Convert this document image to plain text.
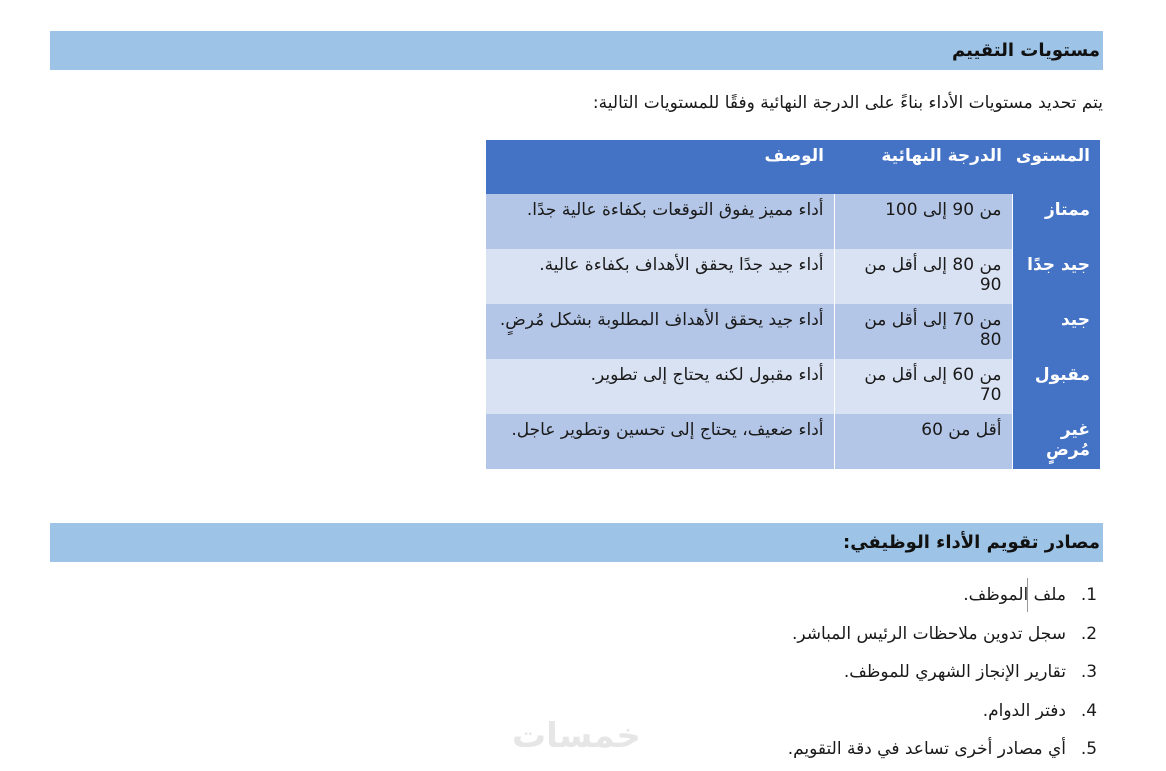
مستويات التقييم
يتم تحديد مستويات الأداء بناءً على الدرجة النهائية وفقًا للمستويات التالية:
المستوى	الدرجة النهائية	الوصف
ممتاز	من 90 إلى 100	أداء مميز يفوق التوقعات بكفاءة عالية جدًا.
جيد جدًا	من 80 إلى أقل من 90	أداء جيد جدًا يحقق الأهداف بكفاءة عالية.
جيد	من 70 إلى أقل من 80	أداء جيد يحقق الأهداف المطلوبة بشكل مُرضٍ.
مقبول	من 60 إلى أقل من 70	أداء مقبول لكنه يحتاج إلى تطوير.
غير مُرضٍ	أقل من 60	أداء ضعيف، يحتاج إلى تحسين وتطوير عاجل.
مصادر تقويم الأداء الوظيفي:
1.
ملف الموظف.
2.
سجل تدوين ملاحظات الرئيس المباشر.
3.
تقارير الإنجاز الشهري للموظف.
4.
دفتر الدوام.
5.
أي مصادر أخرى تساعد في دقة التقويم.
خمسات
